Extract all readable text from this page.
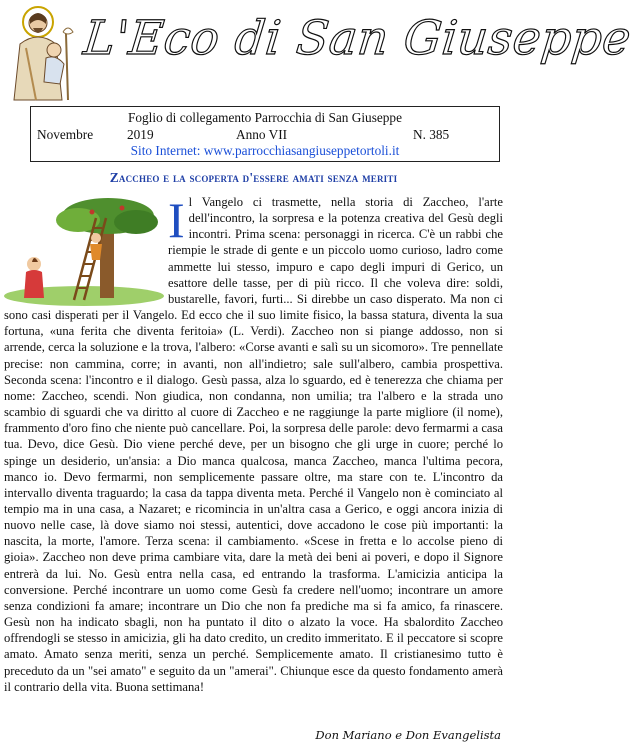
L'Eco di San Giuseppe
Foglio di collegamento Parrocchia di San Giuseppe
Novembre	2019	Anno VII	N. 385
Sito Internet: www.parrocchiasangiuseppetortoli.it
Zaccheo e la scoperta d'essere amati senza meriti
I l Vangelo ci trasmette, nella storia di Zaccheo, l'arte dell'incontro, la sorpresa e la potenza creativa del Gesù degli incontri. Prima scena: personaggi in ricerca. C'è un rabbi che riempie le strade di gente e un piccolo uomo curioso, ladro come ammette lui stesso, impuro e capo degli impuri di Gerico, un esattore delle tasse, per di più ricco. Il che voleva dire: soldi, bustarelle, favori, furti... Si direbbe un caso disperato. Ma non ci sono casi disperati per il Vangelo. Ed ecco che il suo limite fisico, la bassa statura, diventa la sua fortuna, «una ferita che diventa feritoia» (L. Verdi). Zaccheo non si piange addosso, non si arrende, cerca la soluzione e la trova, l'albero: «Corse avanti e salì su un sicomoro». Tre pennellate precise: non cammina, corre; in avanti, non all'indietro; sale sull'albero, cambia prospettiva. Seconda scena: l'incontro e il dialogo. Gesù passa, alza lo sguardo, ed è tenerezza che chiama per nome: Zaccheo, scendi. Non giudica, non condanna, non umilia; tra l'albero e la strada uno scambio di sguardi che va diritto al cuore di Zaccheo e ne raggiunge la parte migliore (il nome), frammento d'oro fino che niente può cancellare. Poi, la sorpresa delle parole: devo fermarmi a casa tua. Devo, dice Gesù. Dio viene perché deve, per un bisogno che gli urge in cuore; perché lo spinge un desiderio, un'ansia: a Dio manca qualcosa, manca Zaccheo, manca l'ultima pecora, manco io. Devo fermarmi, non semplicemente passare oltre, ma stare con te. L'incontro da intervallo diventa traguardo; la casa da tappa diventa meta. Perché il Vangelo non è cominciato al tempio ma in una casa, a Nazaret; e ricomincia in un'altra casa a Gerico, e oggi ancora inizia di nuovo nelle case, là dove siamo noi stessi, autentici, dove accadono le cose più importanti: la nascita, la morte, l'amore. Terza scena: il cambiamento. «Scese in fretta e lo accolse pieno di gioia». Zaccheo non deve prima cambiare vita, dare la metà dei beni ai poveri, e dopo il Signore entrerà da lui. No. Gesù entra nella casa, ed entrando la trasforma. L'amicizia anticipa la conversione. Perché incontrare un uomo come Gesù fa credere nell'uomo; incontrare un amore senza condizioni fa amare; incontrare un Dio che non fa prediche ma si fa amico, fa rinascere. Gesù non ha indicato sbagli, non ha puntato il dito o alzato la voce. Ha sbalordito Zaccheo offrendogli se stesso in amicizia, gli ha dato credito, un credito immeritato. E il peccatore si scopre amato. Amato senza meriti, senza un perché. Semplicemente amato. Il cristianesimo tutto è preceduto da un "sei amato" e seguito da un "amerai". Chiunque esce da questo fondamento amerà il contrario della vita. Buona settimana!
Don Mariano e Don Evangelista
